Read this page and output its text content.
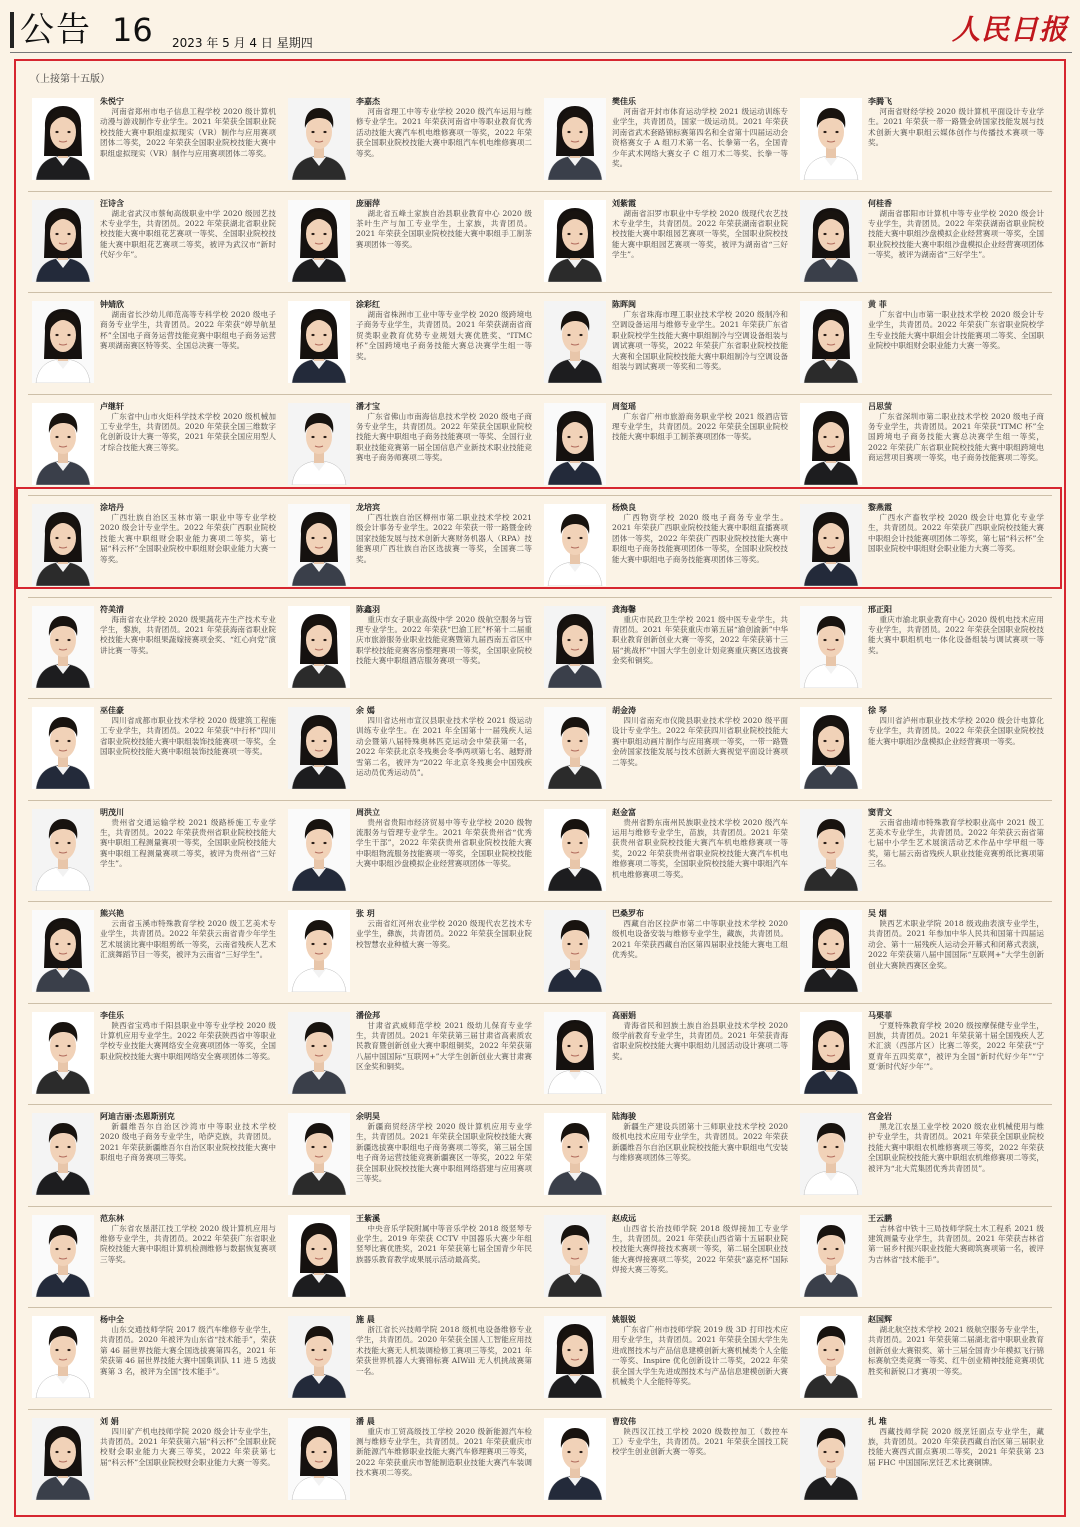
公告 16 2023 年 5 月 4 日 星期四	人民日报
（上接第十五版）
朱悦宁
河南省郑州市电子信息工程学校 2020 级计算机动漫与游戏制作专业学生。2021 年荣获全国职业院校技能大赛中职组虚拟现实（VR）制作与应用赛项团体二等奖，2022 年荣获全国职业院校技能大赛中职组虚拟现实（VR）制作与应用赛项团体二等奖。
李嘉杰
河南省理工中等专业学校 2020 级汽车运用与维修专业学生。2021 年荣获河南省中等职业教育优秀活动技能大赛汽车机电维修赛项一等奖，2022 年荣获全国职业院校技能大赛中职组汽车机电维修赛项二等奖。
樊佳乐
河南省开封市体育运动学校 2021 级运动训练专业学生，共青团员，国家一级运动员。2021 年荣获河南省武术套路锦标赛第四名和全省第十四届运动会资格赛女子 A 组刀术第一名、长拳第一名，全国青少年武术网络大赛女子 C 组刀术二等奖、长拳一等奖。
李腾飞
河南省财经学校 2020 级计算机平面设计专业学生。2021 年荣获一带一路暨金砖国家技能发展与技术创新大赛中职组云媒体创作与传播技术赛项一等奖。
汪诗含
湖北省武汉市蔡甸高级职业中学 2020 级园艺技术专业学生，共青团员。2022 年荣获湖北省职业院校技能大赛中职组花艺赛项一等奖、全国职业院校技能大赛中职组花艺赛项二等奖，被评为武汉市“新时代好少年”。
庞丽萍
湖北省五峰土家族自治县职业教育中心 2020 级茶叶生产与加工专业学生，土家族，共青团员。2021 年荣获全国职业院校技能大赛中职组手工制茶赛项团体一等奖。
刘紫霞
湖南省汨罗市职业中专学校 2020 级现代农艺技术专业学生，共青团员。2022 年荣获湖南省职业院校技能大赛中职组园艺赛项一等奖，全国职业院校技能大赛中职组园艺赛项一等奖，被评为湖南省“三好学生”。
何桂香
湖南省郡阳市计算机中等专业学校 2020 级会计专业学生，共青团员。2022 年荣获湖南省职业院校技能大赛中职组沙盘模拟企业经营赛项一等奖，全国职业院校技能大赛中职组沙盘模拟企业经营赛项团体一等奖，被评为湖南省“三好学生”。
钟婧欣
湖南省长沙幼儿师范高等专科学校 2020 级电子商务专业学生，共青团员。2022 年荣获“婷导航星杯”全国电子商务运营技能竞赛中职组电子商务运营赛项湖南赛区特等奖、全国总决赛一等奖。
涂彩红
湖南省株洲市工业中等专业学校 2020 级跨境电子商务专业学生，共青团员。2021 年荣获湖南省商贸类职业教育优势专业规划大赛优胜奖、“ITMC 杯”全国跨境电子商务技能大赛总决赛学生组一等奖。
陈晖闽
广东省珠海市理工职业技术学校 2020 级制冷和空调设备运用与维修专业学生。2021 年荣获广东省职业院校学生技能大赛中职组制冷与空调设备组装与调试赛项一等奖，2022 年荣获广东省职业院校技能大赛和全国职业院校技能大赛中职组制冷与空调设备组装与调试赛项一等奖和二等奖。
黄 菲
广东省中山市第一职业技术学校 2020 级会计专业学生，共青团员。2022 年荣获广东省职业院校学生专业技能大赛中职组会计技能赛项二等奖、全国职业院校中职组财会职业能力大赛一等奖。
卢继轩
广东省中山市火炬科学技术学校 2020 级机械加工专业学生，共青团员。2020 年荣获全国三维数字化创新设计大赛一等奖，2021 年荣获全国应用型人才综合技能大赛三等奖。
潘才宝
广东省佛山市南海信息技术学校 2020 级电子商务专业学生，共青团员。2022 年荣获全国职业院校技能大赛中职组电子商务技能赛项一等奖、全国行业职业技能竞赛第一届全国信息产业新技术职业技能竞赛电子商务师赛项二等奖。
周玺瑶
广东省广州市旅游商务职业学校 2021 级酒店管理专业学生，共青团员。2022 年荣获全国职业院校技能大赛中职组手工制茶赛项团体一等奖。
吕思萤
广东省深圳市第二职业技术学校 2020 级电子商务专业学生，共青团员。2021 年荣获“ITMC 杯”全国跨境电子商务技能大赛总决赛学生组一等奖，2022 年荣获广东省职业院校技能大赛中职组跨境电商运营项目赛项一等奖，电子商务技能赛项二等奖。
涂培丹
广西壮族自治区玉林市第一职业中等专业学校 2020 级会计专业学生。2022 年荣获广西职业院校技能大赛中职组财会职业能力赛项二等奖，第七届“科云杯”全国职业院校中职组财会职业能力大赛一等奖。
龙培宾
广西壮族自治区柳州市第二职业技术学校 2021 级会计事务专业学生。2022 年荣获一带一路暨金砖国家技能发展与技术创新大赛财务机器人（RPA）技能赛项广西壮族自治区选拔赛一等奖，全国赛二等奖。
杨焕良
广西物资学校 2020 级电子商务专业学生。2021 年荣获广西职业院校技能大赛中职组直播赛项团体一等奖，2022 年荣获广西职业院校技能大赛中职组电子商务技能赛项团体一等奖，全国职业院校技能大赛中职组电子商务技能赛项团体三等奖。
黎燕霞
广西水产畜牧学校 2020 级会计电算化专业学生，共青团员。2022 年荣获广西职业院校技能大赛中职组会计技能赛项团体二等奖，第七届“科云杯”全国职业院校中职组财会职业能力大赛二等奖。
符美清
海南省农业学校 2020 级果蔬花卉生产技术专业学生，黎族，共青团员。2021 年荣获海南省职业院校技能大赛中职组果蔬嫁接赛项金奖、“红心向党”演讲比赛一等奖。
陈鑫羽
重庆市女子职业高级中学 2020 级航空服务与管理专业学生。2022 年荣获“巴渝工匠”杯第十二届重庆市旅游服务业职业技能竞赛暨第九届西南五省区中职学校技能竞赛客房整理赛项一等奖，全国职业院校技能大赛中职组酒店服务赛项一等奖。
龚海馨
重庆市民政卫生学校 2021 级中医专业学生，共青团员。2021 年荣获重庆市第五届“渝创渝新”中华职业教育创新创业大赛一等奖，2022 年荣获第十三届“挑战杯”中国大学生创业计划竞赛重庆赛区选拔赛金奖和铜奖。
邢正阳
重庆市渝北职业教育中心 2020 级机电技术应用专业学生，共青团员。2022 年荣获全国职业院校技能大赛中职组机电一体化设备组装与调试赛项一等奖。
巫佳豪
四川省成都市职业技术学校 2020 级建筑工程施工专业学生，共青团员。2022 年荣获“中行杯”四川省职业院校技能大赛中职组装饰技能赛项一等奖，全国职业院校技能大赛中职组装饰技能赛项一等奖。
余 嫣
四川省达州市宣汉县职业技术学校 2021 级运动训练专业学生。在 2021 年全国第十一届残疾人运动会暨第八届特殊奥林匹克运动会中荣获第一名，2022 年荣获北京冬残奥会冬季两项第七名、越野滑雪第二名，被评为“2022 年北京冬残奥会中国残疾运动员优秀运动员”。
胡金涛
四川省南充市仪陇县职业技术学校 2020 级平面设计专业学生。2022 年荣获四川省职业院校技能大赛中职组动画片制作与应用赛项一等奖，一带一路暨金砖国家技能发展与技术创新大赛视觉平面设计赛项二等奖。
徐 琴
四川省泸州市职业技术学校 2020 级会计电算化专业学生，共青团员。2022 年荣获全国职业院校技能大赛中职组沙盘模拟企业经营赛项一等奖。
明茂川
贵州省交通运输学校 2021 级路桥施工专业学生，共青团员。2022 年荣获贵州省职业院校技能大赛中职组工程测量赛项一等奖，全国职业院校技能大赛中职组工程测量赛项二等奖，被评为贵州省“三好学生”。
周洪立
贵州省贵阳市经济贸易中等专业学校 2020 级物流服务与管理专业学生。2021 年荣获贵州省“优秀学生干部”，2022 年荣获贵州省职业院校技能大赛中职组物流服务技能赛项一等奖，全国职业院校技能大赛中职组沙盘模拟企业经营赛项团体一等奖。
赵金富
贵州省黔东南州民族职业技术学校 2020 级汽车运用与维修专业学生，苗族，共青团员。2021 年荣获贵州省职业院校技能大赛汽车机电维修赛项一等奖，2022 年荣获贵州省职业院校技能大赛汽车机电维修赛项二等奖，全国职业院校技能大赛中职组汽车机电维修赛项二等奖。
窦青文
云南省曲靖市特殊教育学校职业高中 2021 级工艺美术专业学生，共青团员。2022 年荣获云南省第七届中小学生艺术展演活动艺术作品中学甲组一等奖，第七届云南省残疾人职业技能竞赛剪纸比赛项第三名。
熊兴艳
云南省玉溪市特殊教育学校 2020 级工艺美术专业学生，共青团员。2022 年荣获云南省青少年学生艺术展演比赛中职组剪纸一等奖，云南省残疾人艺术汇演舞蹈节目一等奖，被评为云南省“三好学生”。
张 玥
云南省红河州农业学校 2020 级现代农艺技术专业学生，彝族，共青团员。2022 年荣获全国职业院校智慧农业种植大赛一等奖。
巴桑罗布
西藏自治区拉萨市第二中等职业技术学校 2020 级机电设备安装与维修专业学生，藏族，共青团员。2021 年荣获西藏自治区第四届职业技能大赛电工组优秀奖。
吴 烟
陕西艺术职业学院 2018 级戏曲表演专业学生，共青团员。2021 年参加中华人民共和国第十四届运动会、第十一届残疾人运动会开幕式和闭幕式表演，2022 年荣获第八届中国国际“互联网+”大学生创新创业大赛陕西赛区金奖。
李佳乐
陕西省宝鸡市千阳县职业中等专业学校 2020 级计算机应用专业学生。2022 年荣获陕西省中等职业学校专业技能大赛网络安全竞赛项团体一等奖，全国职业院校技能大赛中职组网络安全赛项团体二等奖。
潘俭邦
甘肃省武威师范学校 2021 级幼儿保育专业学生，共青团员。2021 年荣获第三届甘肃省高素质农民教育暨创新创业大赛中职组铜奖，2022 年荣获第八届中国国际“互联网+”大学生创新创业大赛甘肃赛区金奖和铜奖。
高丽娟
青海省民和回族土族自治县职业技术学校 2020 级学前教育专业学生，共青团员。2021 年荣获青海省职业院校技能大赛中职组幼儿园活动设计赛项二等奖。
马栗菲
宁夏特殊教育学校 2020 级按摩保健专业学生，回族，共青团员。2021 年荣获第十届全国残疾人艺术汇演（西部片区）比赛二等奖，2022 年荣获“宁夏青年五四奖章”，被评为全国“新时代好少年”“宁夏‘新时代好少年’”。
阿迪吉丽·杰恩斯别克
新疆维吾尔自治区沙湾市中等职业技术学校 2020 级电子商务专业学生，哈萨克族，共青团员。2021 年荣获新疆维吾尔自治区职业院校技能大赛中职组电子商务赛项三等奖。
余明昊
新疆商贸经济学校 2020 级计算机应用专业学生，共青团员。2021 年荣获全国职业院校技能大赛新疆选拔赛中职组电子商务赛项二等奖，第三届全国电子商务运营技能竞赛新疆赛区一等奖，2022 年荣获全国职业院校技能大赛中职组网络搭建与应用赛项三等奖。
陆海骏
新疆生产建设兵团第十三师职业技术学校 2020 级机电技术应用专业学生，共青团员。2022 年荣获新疆维吾尔自治区职业院校技能大赛中职组电气安装与维修赛项团体三等奖。
宫金岩
黑龙江农垦工业学校 2020 级农业机械使用与维护专业学生，共青团员。2021 年荣获全国职业院校技能大赛中职组农机维修赛项三等奖，2022 年荣获全国职业院校技能大赛中职组农机维修赛项二等奖，被评为“北大荒集团优秀共青团员”。
范东林
广东省农垦湛江技工学校 2020 级计算机应用与维修专业学生，共青团员。2022 年荣获广东省职业院校技能大赛中职组计算机检测维修与数据恢复赛项三等奖。
王紫溪
中央音乐学院附属中等音乐学校 2018 级竖琴专业学生。2019 年荣获 CCTV 中国器乐大赛少年组竖琴比赛优胜奖，2021 年荣获第七届全国青少年民族器乐教育教学成果展示活动最高奖。
赵成远
山西省长治技师学院 2018 级焊接加工专业学生，共青团员。2021 年荣获山西省第十五届职业院校技能大赛焊接技术赛项一等奖，第二届全国职业技能大赛焊接赛项二等奖，2022 年荣获“嘉克杯”国际焊接大赛三等奖。
王云鹏
吉林省中铁十三局技师学院土木工程系 2021 级建筑测量专业学生，共青团员。2021 年荣获吉林省第一届乡村振兴职业技能大赛砌筑赛项第一名，被评为吉林省“技术能手”。
杨中全
山东交通技师学院 2017 级汽车维修专业学生，共青团员。2020 年被评为山东省“技术能手”，荣获第 46 届世界技能大赛全国选拔赛第四名，2021 年荣获第 46 届世界技能大赛中国集训队 11 进 5 选拔赛第 3 名，被评为全国“技术能手”。
施 晨
浙江省长兴技师学院 2018 级机电设备维修专业学生，共青团员。2020 年荣获全国人工智能应用技术技能大赛无人机装调检修工赛项三等奖，2021 年荣获世界机器人大赛锦标赛 AIWill 无人机挑战赛第一名。
姚银锐
广东省广州市技师学院 2019 级 3D 打印技术应用专业学生，共青团员。2021 年荣获全国大学生先进成图技术与产品信息建模创新大赛机械类个人全能一等奖、Inspire 优化创新设计二等奖，2022 年荣获全国大学生先进成图技术与产品信息建模创新大赛机械类个人全能特等奖。
赵国辉
湖北航空技术学校 2021 级航空服务专业学生，共青团员。2021 年荣获第二届湖北省中职职业教育创新创业大赛银奖、第十三届全国青少年模拟飞行锦标赛航空类竞赛一等奖、红牛创业精神技能竞赛项优胜奖和新锐口才赛项一等奖。
刘 娟
四川矿产机电技师学院 2020 级会计专业学生，共青团员。2021 年荣获第六届“科云杯”全国职业院校财会职业能力大赛三等奖，2022 年荣获第七届“科云杯”全国职业院校财会职业能力大赛一等奖。
潘 晨
重庆市工贸高级技工学校 2020 级新能源汽车检测与维修专业学生，共青团员。2021 年荣获重庆市新能源汽车维修职业技能大赛汽车修理赛项三等奖，2022 年荣获重庆市智能制造职业技能大赛汽车装调技术赛项二等奖。
曹玟伟
陕西汉江技工学校 2020 级数控加工（数控车工）专业学生，共青团员。2021 年荣获全国技工院校学生创业创新大赛一等奖。
扎 堆
西藏技师学院 2020 级烹饪面点专业学生，藏族，共青团员。2020 年荣获西藏自治区第三届职业技能大赛西式面点赛项二等奖，2021 年荣获第 23 届 FHC 中国国际烹饪艺术比赛铜牌。
